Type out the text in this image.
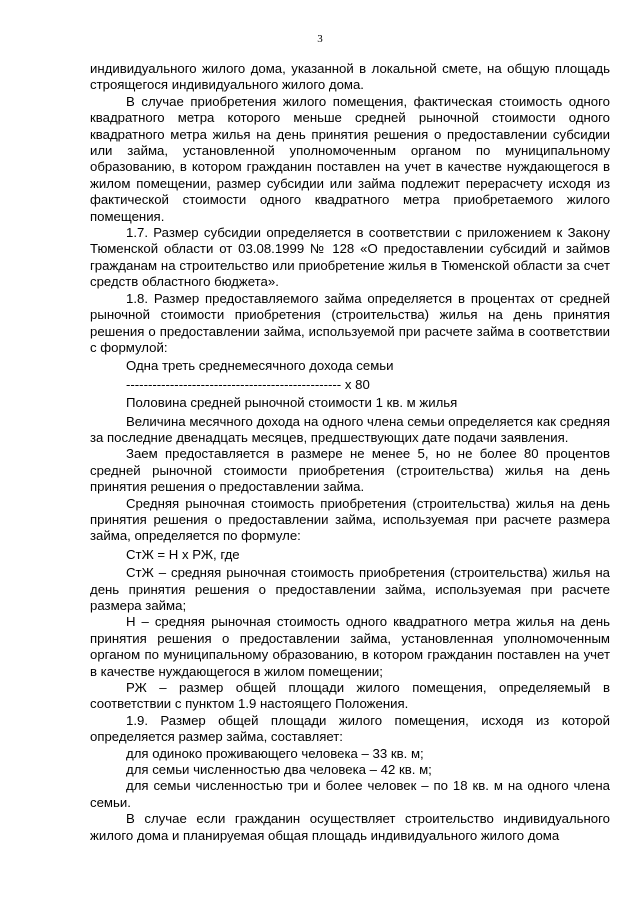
3

индивидуального жилого дома, указанной в локальной смете, на общую площадь строящегося индивидуального жилого дома.

В случае приобретения жилого помещения, фактическая стоимость одного квадратного метра которого меньше средней рыночной стоимости одного квадратного метра жилья на день принятия решения о предоставлении субсидии или займа, установленной уполномоченным органом по муниципальному образованию, в котором гражданин поставлен на учет в качестве нуждающегося в жилом помещении, размер субсидии или займа подлежит перерасчету исходя из фактической стоимости одного квадратного метра приобретаемого жилого помещения.

1.7. Размер субсидии определяется в соответствии с приложением к Закону Тюменской области от 03.08.1999 № 128 «О предоставлении субсидий и займов гражданам на строительство или приобретение жилья в Тюменской области за счет средств областного бюджета».

1.8. Размер предоставляемого займа определяется в процентах от средней рыночной стоимости приобретения (строительства) жилья на день принятия решения о предоставлении займа, используемой при расчете займа в соответствии с формулой:

Одна треть среднемесячного дохода семьи

------------------------------------------------- х 80

Половина средней рыночной стоимости 1 кв. м жилья

Величина месячного дохода на одного члена семьи определяется как средняя за последние двенадцать месяцев, предшествующих дате подачи заявления.

Заем предоставляется в размере не менее 5, но не более 80 процентов средней рыночной стоимости приобретения (строительства) жилья на день принятия решения о предоставлении займа.

Средняя рыночная стоимость приобретения (строительства) жилья на день принятия решения о предоставлении займа, используемая при расчете размера займа, определяется по формуле:

СтЖ = Н х РЖ, где

СтЖ – средняя рыночная стоимость приобретения (строительства) жилья на день принятия решения о предоставлении займа, используемая при расчете размера займа;

Н – средняя рыночная стоимость одного квадратного метра жилья на день принятия решения о предоставлении займа, установленная уполномоченным органом по муниципальному образованию, в котором гражданин поставлен на учет в качестве нуждающегося в жилом помещении;

РЖ – размер общей площади жилого помещения, определяемый в соответствии с пунктом 1.9 настоящего Положения.

1.9. Размер общей площади жилого помещения, исходя из которой определяется размер займа, составляет:

для одиноко проживающего человека – 33 кв. м;

для семьи численностью два человека – 42 кв. м;

для семьи численностью три и более человек – по 18 кв. м на одного члена семьи.

В случае если гражданин осуществляет строительство индивидуального жилого дома и планируемая общая площадь индивидуального жилого дома
